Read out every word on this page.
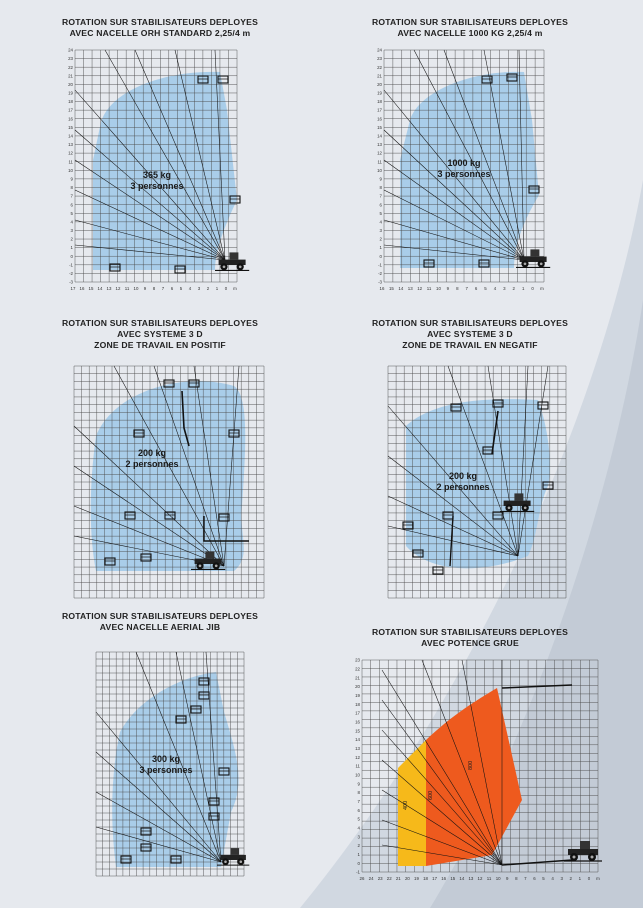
ROTATION SUR STABILISATEURS DEPLOYES
AVEC NACELLE ORH STANDARD 2,25/4 m
24
23
22
21
20
19
18
17
16
15
14
13
12
11
10
9
8
7
6
5
4
3
2
1
0
-1
-2
-3
17 16 15 14 13 12 11 10 9 8 7 6 5 4 3 2 1 0 m
365 kg
3 personnes
ROTATION SUR STABILISATEURS DEPLOYES
AVEC NACELLE 1000 KG 2,25/4 m
24
23
22
21
20
19
18
17
16
15
14
13
12
11
10
9
8
7
6
5
4
3
2
1
0
-1
-2
-3
16 15 14 13 12 11 10 9 8 7 6 5 4 3 2 1 0 m
1000 kg
3 personnes
ROTATION SUR STABILISATEURS DEPLOYES
AVEC SYSTEME 3 D
ZONE DE TRAVAIL EN POSITIF
200 kg
2 personnes
ROTATION SUR STABILISATEURS DEPLOYES
AVEC SYSTEME 3 D
ZONE DE TRAVAIL EN NEGATIF
200 kg
2 personnes
ROTATION SUR STABILISATEURS DEPLOYES
AVEC NACELLE AERIAL JIB
300 kg
3 personnes
ROTATION SUR STABILISATEURS DEPLOYES
AVEC POTENCE GRUE
400
600
800
23
22
21
20
19
18
17
16
15
14
13
12
11
10
9
8
7
6
5
4
3
2
1
0
-1
26 24 23 22 21 20 19 18 17 16 15 14 13 12 11 10 9 8 7 6 5 4 3 2 1 0 m
